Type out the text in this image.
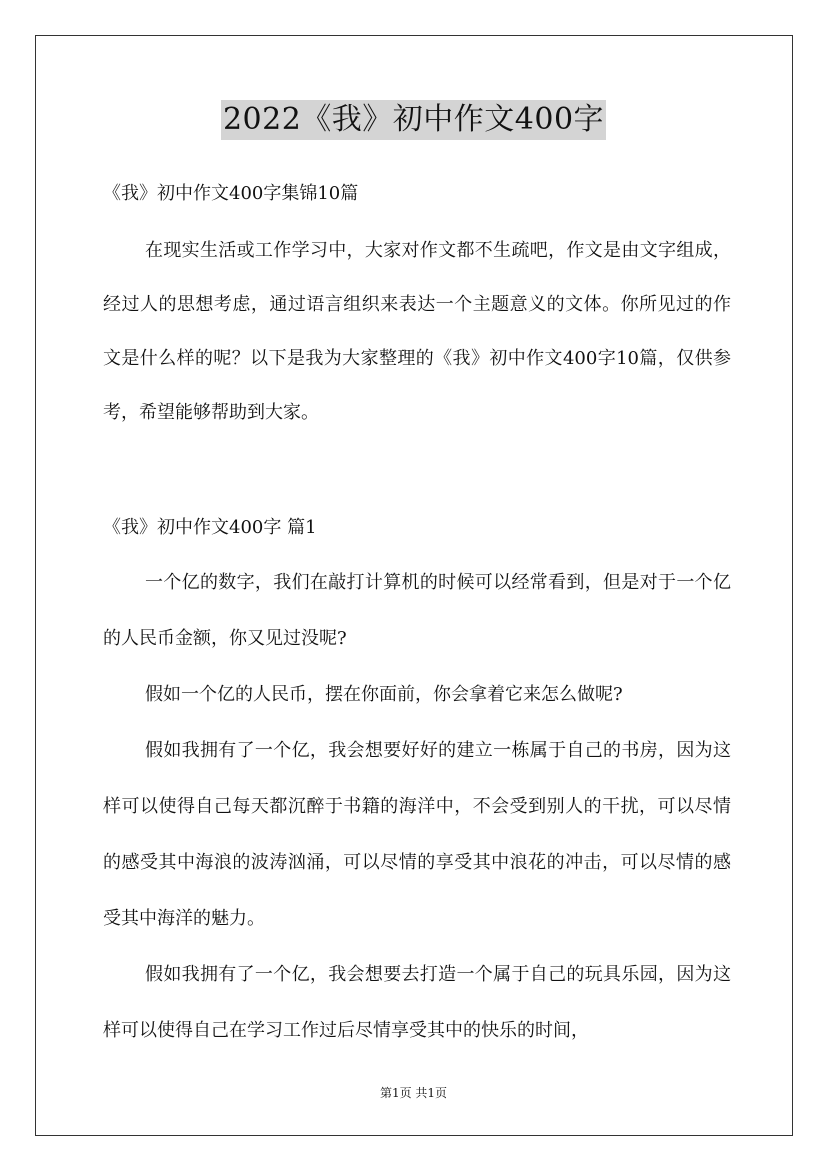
2022《我》初中作文400字

《我》初中作文400字集锦10篇

在现实生活或工作学习中，大家对作文都不生疏吧，作文是由文字组成，经过人的思想考虑，通过语言组织来表达一个主题意义的文体。你所见过的作文是什么样的呢？以下是我为大家整理的《我》初中作文400字10篇，仅供参考，希望能够帮助到大家。

《我》初中作文400字 篇1

一个亿的数字，我们在敲打计算机的时候可以经常看到，但是对于一个亿的人民币金额，你又见过没呢?

假如一个亿的人民币，摆在你面前，你会拿着它来怎么做呢?

假如我拥有了一个亿，我会想要好好的建立一栋属于自己的书房，因为这样可以使得自己每天都沉醉于书籍的海洋中，不会受到别人的干扰，可以尽情的感受其中海浪的波涛汹涌，可以尽情的享受其中浪花的冲击，可以尽情的感受其中海洋的魅力。

假如我拥有了一个亿，我会想要去打造一个属于自己的玩具乐园，因为这样可以使得自己在学习工作过后尽情享受其中的快乐的时间，

第1页 共1页
